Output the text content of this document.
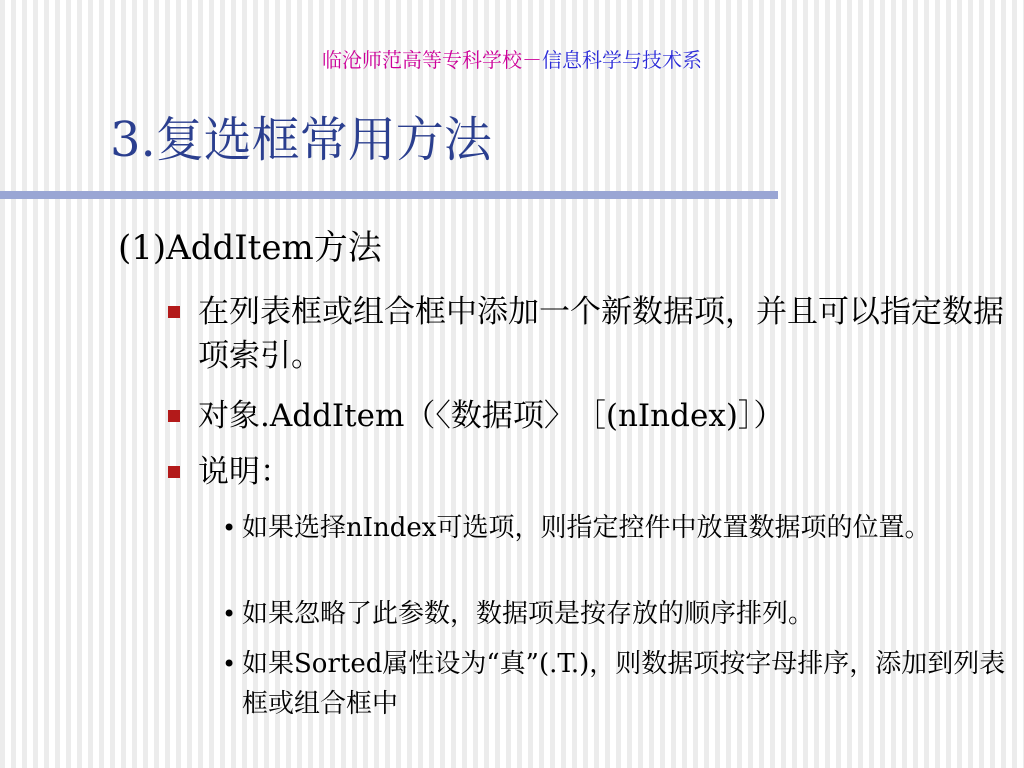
临沧师范高等专科学校－信息科学与技术系
3.复选框常用方法
(1)AddItem方法
在列表框或组合框中添加一个新数据项，并且可以指定数据项索引。
对象.AddItem（〈数据项〉　［(nIndex)］）
说明：
• 如果选择nIndex可选项，则指定控件中放置数据项的位置。
• 如果忽略了此参数，数据项是按存放的顺序排列。
• 如果Sorted属性设为“真”(.T.)，则数据项按字母排序，添加到列表框或组合框中
